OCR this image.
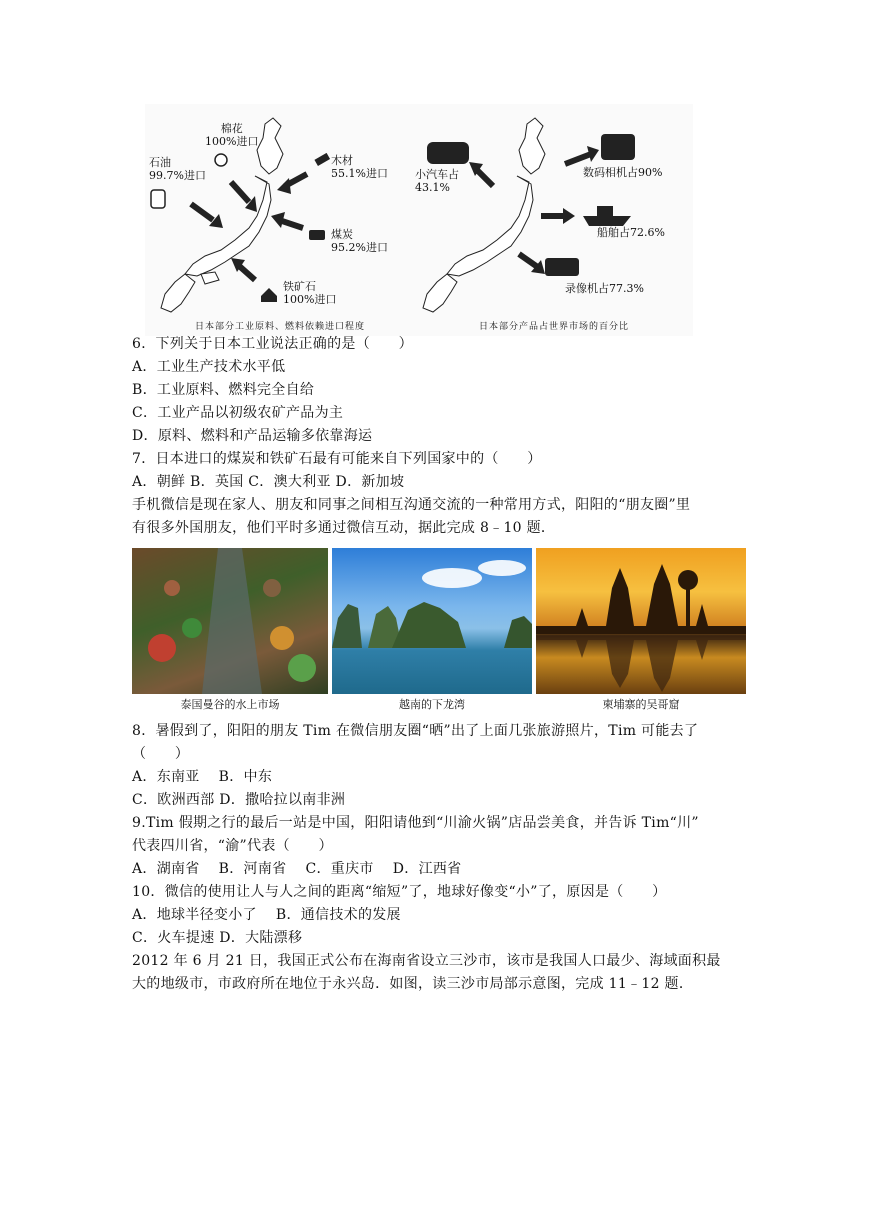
棉花
100%进口
石油
99.7%进口
木材
55.1%进口
煤炭
95.2%进口
铁矿石
100%进口
日本部分工业原料、燃料依赖进口程度
小汽车占
43.1%
数码相机占90%
船舶占72.6%
录像机占77.3%
日本部分产品占世界市场的百分比
6．下列关于日本工业说法正确的是（　　）
A．工业生产技术水平低
B．工业原料、燃料完全自给
C．工业产品以初级农矿产品为主
D．原料、燃料和产品运输多依靠海运
7．日本进口的煤炭和铁矿石最有可能来自下列国家中的（　　）
A．朝鲜 B．英国 C．澳大利亚 D．新加坡
手机微信是现在家人、朋友和同事之间相互沟通交流的一种常用方式，阳阳的“朋友圈”里
有很多外国朋友，他们平时多通过微信互动，据此完成 8﹣10 题．
泰国曼谷的水上市场	越南的下龙湾	柬埔寨的吴哥窟
8．暑假到了，阳阳的朋友 Tim 在微信朋友圈“晒”出了上面几张旅游照片，Tim 可能去了
（　　）
A．东南亚　 B．中东
C．欧洲西部 D．撒哈拉以南非洲
9.Tim 假期之行的最后一站是中国，阳阳请他到“川渝火锅”店品尝美食，并告诉 Tim“川”
代表四川省，“渝”代表（　　）
A．湖南省　 B．河南省　 C．重庆市　 D．江西省
10．微信的使用让人与人之间的距离“缩短”了，地球好像变“小”了，原因是（　　）
A．地球半径变小了　 B．通信技术的发展
C．火车提速 D．大陆漂移
2012 年 6 月 21 日，我国正式公布在海南省设立三沙市，该市是我国人口最少、海域面积最
大的地级市，市政府所在地位于永兴岛．如图，读三沙市局部示意图，完成 11﹣12 题．
